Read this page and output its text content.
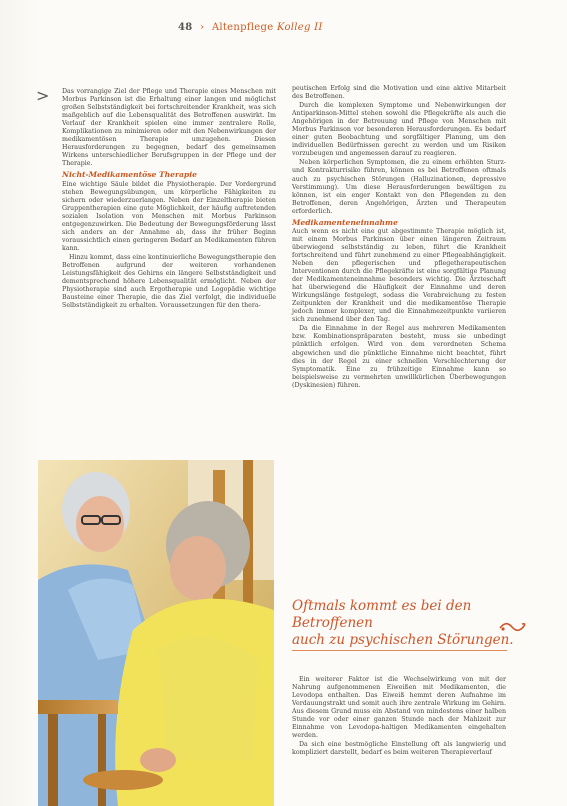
48 › Altenpflege Kolleg II
> Das vorrangige Ziel der Pflege und Therapie eines Menschen mit Morbus Parkinson ist die Erhaltung einer langen und möglichst großen Selbstständigkeit bei fortschreitender Krankheit, was sich maßgeblich auf die Lebensqualität des Betroffenen auswirkt. Im Verlauf der Krankheit spielen eine immer zentralere Rolle, Komplikationen zu minimieren oder mit den Nebenwirkungen der medikamentösen Therapie umzugehen. Diesen Herausforderungen zu begegnen, bedarf des gemeinsamen Wirkens unterschiedlicher Berufsgruppen in der Pflege und der Therapie.

Nicht-Medikamentöse Therapie

Eine wichtige Säule bildet die Physiotherapie. Der Vordergrund stehen Bewegungsübungen, um körperliche Fähigkeiten zu sichern oder wiederzuerlangen. Neben der Einzeltherapie bieten Gruppentherapien eine gute Möglichkeit, der häufig auftretenden sozialen Isolation von Menschen mit Morbus Parkinson entgegenzuwirken. Die Bedeutung der Bewegungsförderung lässt sich anders an der Annahme ab, dass ihr früher Beginn voraussichtlich einen geringeren Bedarf an Medikamenten führen kann.

Hinzu kommt, dass eine kontinuierliche Bewegungstherapie den Betroffenen aufgrund der weiteren vorhandenen Leistungsfähigkeit des Gehirns ein längere Selbstständigkeit und dementsprechend höhere Lebensqualität ermöglicht. Neben der Physiotherapie sind auch Ergotherapie und Logopädie wichtige Bausteine einer Therapie, die das Ziel verfolgt, die individuelle Selbstständigkeit zu erhalten. Voraussetzungen für den thera-

peutischen Erfolg sind die Motivation und eine aktive Mitarbeit des Betroffenen.

Durch die komplexen Symptome und Nebenwirkungen der Antiparkinson-Mittel stehen sowohl die Pflegekräfte als auch die Angehörigen in der Betreuung und Pflege von Menschen mit Morbus Parkinson vor besonderen Herausforderungen. Es bedarf einer guten Beobachtung und sorgfältiger Planung, um den individuellen Bedürfnissen gerecht zu werden und um Risiken vorzubeugen und angemessen darauf zu reagieren.

Neben körperlichen Symptomen, die zu einem erhöhten Sturz- und Kontrakturrisiko führen, können es bei Betroffenen oftmals auch zu psychischen Störungen (Halluzinationen, depressive Verstimmung). Um diese Herausforderungen bewältigen zu können, ist ein enger Kontakt von den Pflegenden zu den Betroffenen, deren Angehörigen, Ärzten und Therapeuten erforderlich.

Medikamenteneinnahme

Auch wenn es nicht eine gut abgestimmte Therapie möglich ist, mit einem Morbus Parkinson über einen längeren Zeitraum überwiegend selbstständig zu leben, führt die Krankheit fortschreitend und führt zunehmend zu einer Pflegeabhängigkeit. Neben den pflegerischen und pflegetherapeutischen Interventionen durch die Pflegekräfte ist eine sorgfältige Planung der Medikamenteneinnahme besonders wichtig. Die Ärzteschaft hat überwiegend die Häufigkeit der Einnahme und deren Wirkungslänge festgelegt, sodass die Verabreichung zu festen Zeitpunkten der Krankheit und die medikamentöse Therapie jedoch immer komplexer, und die Einnahmezeitpunkte variieren sich zunehmend über den Tag.

Da die Einnahme in der Regel aus mehreren Medikamenten bzw. Kombinationspräparaten besteht, muss sie unbedingt pünktlich erfolgen. Wird von dem verordneten Schema abgewichen und die pünktliche Einnahme nicht beachtet, führt dies in der Regel zu einer schnellen Verschlechterung der Symptomatik. Eine zu frühzeitige Einnahme kann so beispielsweise zu vermehrten unwillkürlichen Überbewegungen (Dyskinesien) führen.

Oftmals kommt es bei den Betroffenen
auch zu psychischen Störungen.

Ein weiterer Faktor ist die Wechselwirkung von mit der Nahrung aufgenommenen Eiweißen mit Medikamenten, die Levodopa enthalten. Das Eiweiß hemmt deren Aufnahme im Verdauungstrakt und somit auch ihre zentrale Wirkung im Gehirn. Aus diesem Grund muss ein Abstand von mindestens einer halben Stunde vor oder einer ganzen Stunde nach der Mahlzeit zur Einnahme von Levodopa-haltigen Medikamenten eingehalten werden.

Da sich eine bestmögliche Einstellung oft als langwierig und kompliziert darstellt, bedarf es beim weiteren Therapieverlauf
